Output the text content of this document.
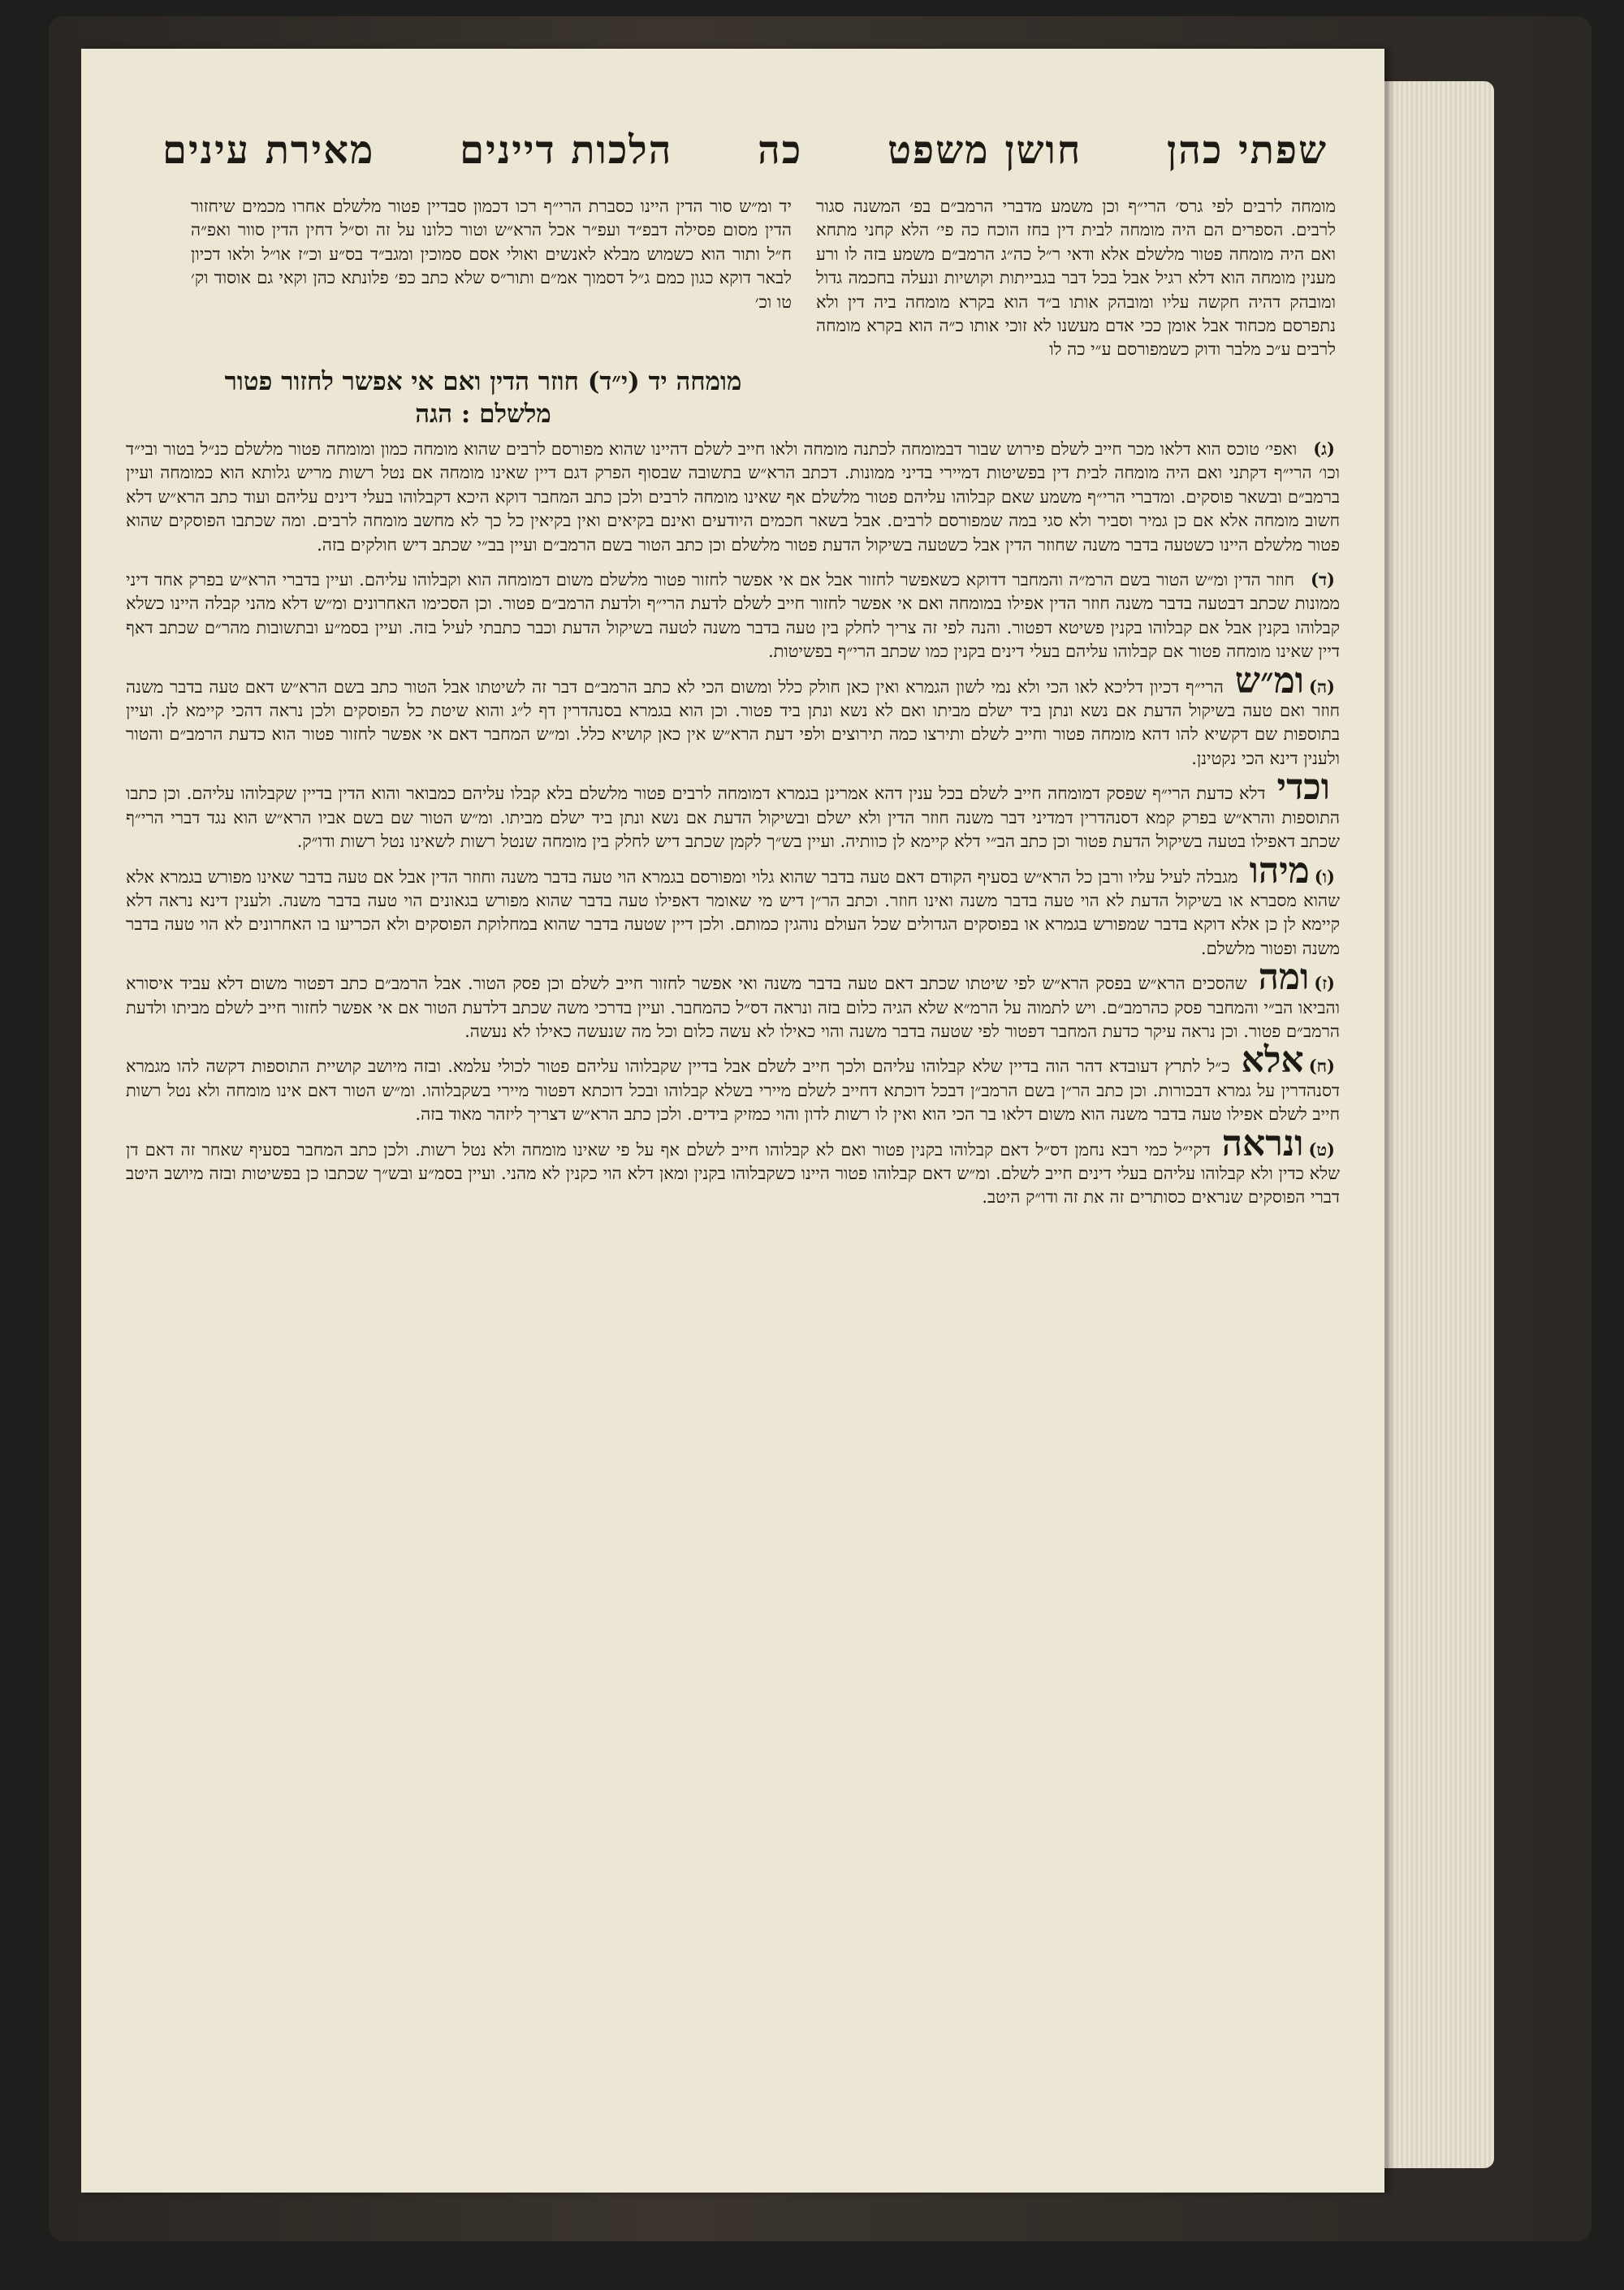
שפתי כהן
חושן משפט
כה
הלכות דיינים
מאירת עינים

מומחה לרבים לפי גרס׳ הרי״ף וכן משמע מדברי הרמב״ם בפ׳ המשנה סגור לרבים. הספרים הם היה מומחה לבית דין בחז הוכח כה פי׳ הלא קחני מתחא ואם היה מומחה פטור מלשלם אלא ודאי ר״ל כה״ג הרמב״ם משמע בזה לו ורע מענין מומחה הוא דלא רגיל אבל בכל דבר בגבייתות וקושיות ונעלה בחכמה גדול ומובהק דהיה חקשה עליו ומובהק אותו ב״ד הוא בקרא מומחה ביה דין ולא נתפרסם מכחוד אבל אומן ככי אדם מעשנו לא זוכי אותו כ״ה הוא בקרא מומחה לרבים ע״כ מלבר ודוק כשמפורסם ע״י כה לו

יד ומ״ש סור הדין היינו כסברת הרי״ף רכו דכמון סבדיין פטור מלשלם אחרו מכמים שיחזור הדין מסום פסילה דבפ״ד ועפ״ר אכל הרא״ש וטור כלונו על זה וס״ל דחין הדין סוור ואפ״ה ח״ל ותור הוא כשמוש מבלא לאנשים ואולי אסם סמוכין ומגב״ד בס״ע וכ״ז או״ל ולאו דכיון לבאר דוקא כגון כמם ג״ל דסמוך אמ״ם ותור״ס שלא כתב כפ׳ פלונתא כהן וקאי גם אוסוד וק׳ טו וכ׳

מומחה יד (י״ד) חוזר הדין ואם אי אפשר לחזור פטור
מלשלם : הגה

(ג)ואפי׳ טוכס הוא דלאו מכר חייב לשלם פירוש שבור דבמומחה לכתנה מומחה ולאו חייב לשלם דהיינו שהוא מפורסם לרבים שהוא מומחה כמון ומומחה פטור מלשלם כנ״ל בטור ובי״ד וכו׳ הרי״ף דקתני ואם היה מומחה לבית דין בפשיטות דמיירי בדיני ממונות. דכתב הרא״ש בתשובה שבסוף הפרק דגם דיין שאינו מומחה אם נטל רשות מריש גלותא הוא כמומחה ועיין ברמב״ם ובשאר פוסקים. ומדברי הרי״ף משמע שאם קבלוהו עליהם פטור מלשלם אף שאינו מומחה לרבים ולכן כתב המחבר דוקא היכא דקבלוהו בעלי דינים עליהם ועוד כתב הרא״ש דלא חשוב מומחה אלא אם כן גמיר וסביר ולא סגי במה שמפורסם לרבים. אבל בשאר חכמים היודעים ואינם בקיאים ואין בקיאין כל כך לא מחשב מומחה לרבים. ומה שכתבו הפוסקים שהוא פטור מלשלם היינו כשטעה בדבר משנה שחוזר הדין אבל כשטעה בשיקול הדעת פטור מלשלם וכן כתב הטור בשם הרמב״ם ועיין בב״י שכתב דיש חולקים בזה.

(ד)חוזר הדין ומ״ש הטור בשם הרמ״ה והמחבר דדוקא כשאפשר לחזור אבל אם אי אפשר לחזור פטור מלשלם משום דמומחה הוא וקבלוהו עליהם. ועיין בדברי הרא״ש בפרק אחד דיני ממונות שכתב דבטעה בדבר משנה חוזר הדין אפילו במומחה ואם אי אפשר לחזור חייב לשלם לדעת הרי״ף ולדעת הרמב״ם פטור. וכן הסכימו האחרונים ומ״ש דלא מהני קבלה היינו כשלא קבלוהו בקנין אבל אם קבלוהו בקנין פשיטא דפטור. והנה לפי זה צריך לחלק בין טעה בדבר משנה לטעה בשיקול הדעת וכבר כתבתי לעיל בזה. ועיין בסמ״ע ובתשובות מהר״ם שכתב דאף דיין שאינו מומחה פטור אם קבלוהו עליהם בעלי דינים בקנין כמו שכתב הרי״ף בפשיטות.

(ה)ומ״שהרי״ף דכיון דליכא לאו הכי ולא נמי לשון הגמרא ואין כאן חולק כלל ומשום הכי לא כתב הרמב״ם דבר זה לשיטתו אבל הטור כתב בשם הרא״ש דאם טעה בדבר משנה חוזר ואם טעה בשיקול הדעת אם נשא ונתן ביד ישלם מביתו ואם לא נשא ונתן ביד פטור. וכן הוא בגמרא בסנהדרין דף ל״ג והוא שיטת כל הפוסקים ולכן נראה דהכי קיימא לן. ועיין בתוספות שם דקשיא להו דהא מומחה פטור וחייב לשלם ותירצו כמה תירוצים ולפי דעת הרא״ש אין כאן קושיא כלל. ומ״ש המחבר דאם אי אפשר לחזור פטור הוא כדעת הרמב״ם והטור ולענין דינא הכי נקטינן.

וכדידלא כדעת הרי״ף שפסק דמומחה חייב לשלם בכל ענין דהא אמרינן בגמרא דמומחה לרבים פטור מלשלם בלא קבלו עליהם כמבואר והוא הדין בדיין שקבלוהו עליהם. וכן כתבו התוספות והרא״ש בפרק קמא דסנהדרין דמדיני דבר משנה חוזר הדין ולא ישלם ובשיקול הדעת אם נשא ונתן ביד ישלם מביתו. ומ״ש הטור שם בשם אביו הרא״ש הוא נגד דברי הרי״ף שכתב דאפילו בטעה בשיקול הדעת פטור וכן כתב הב״י דלא קיימא לן כוותיה. ועיין בש״ך לקמן שכתב דיש לחלק בין מומחה שנטל רשות לשאינו נטל רשות ודו״ק.

(ו)מיהומגבלה לעיל עליו ורבן כל הרא״ש בסעיף הקודם דאם טעה בדבר שהוא גלוי ומפורסם בגמרא הוי טעה בדבר משנה וחוזר הדין אבל אם טעה בדבר שאינו מפורש בגמרא אלא שהוא מסברא או בשיקול הדעת לא הוי טעה בדבר משנה ואינו חוזר. וכתב הר״ן דיש מי שאומר דאפילו טעה בדבר שהוא מפורש בגאונים הוי טעה בדבר משנה. ולענין דינא נראה דלא קיימא לן כן אלא דוקא בדבר שמפורש בגמרא או בפוסקים הגדולים שכל העולם נוהגין כמותם. ולכן דיין שטעה בדבר שהוא במחלוקת הפוסקים ולא הכריעו בו האחרונים לא הוי טעה בדבר משנה ופטור מלשלם.

(ז)ומהשהסכים הרא״ש בפסק הרא״ש לפי שיטתו שכתב דאם טעה בדבר משנה ואי אפשר לחזור חייב לשלם וכן פסק הטור. אבל הרמב״ם כתב דפטור משום דלא עביד איסורא והביאו הב״י והמחבר פסק כהרמב״ם. ויש לתמוה על הרמ״א שלא הגיה כלום בזה ונראה דס״ל כהמחבר. ועיין בדרכי משה שכתב דלדעת הטור אם אי אפשר לחזור חייב לשלם מביתו ולדעת הרמב״ם פטור. וכן נראה עיקר כדעת המחבר דפטור לפי שטעה בדבר משנה והוי כאילו לא עשה כלום וכל מה שנעשה כאילו לא נעשה.

(ח)אלאכ״ל לתרץ דעובדא דהר הוה בדיין שלא קבלוהו עליהם ולכך חייב לשלם אבל בדיין שקבלוהו עליהם פטור לכולי עלמא. ובזה מיושב קושיית התוספות דקשה להו מגמרא דסנהדרין על גמרא דבכורות. וכן כתב הר״ן בשם הרמב״ן דבכל דוכתא דחייב לשלם מיירי בשלא קבלוהו ובכל דוכתא דפטור מיירי בשקבלוהו. ומ״ש הטור דאם אינו מומחה ולא נטל רשות חייב לשלם אפילו טעה בדבר משנה הוא משום דלאו בר הכי הוא ואין לו רשות לדון והוי כמזיק בידים. ולכן כתב הרא״ש דצריך ליזהר מאוד בזה.

(ט)ונראהדקי״ל כמי רבא נחמן דס״ל דאם קבלוהו בקנין פטור ואם לא קבלוהו חייב לשלם אף על פי שאינו מומחה ולא נטל רשות. ולכן כתב המחבר בסעיף שאחר זה דאם דן שלא כדין ולא קבלוהו עליהם בעלי דינים חייב לשלם. ומ״ש דאם קבלוהו פטור היינו כשקבלוהו בקנין ומאן דלא הוי כקנין לא מהני. ועיין בסמ״ע ובש״ך שכתבו כן בפשיטות ובזה מיושב היטב דברי הפוסקים שנראים כסותרים זה את זה ודו״ק היטב.
